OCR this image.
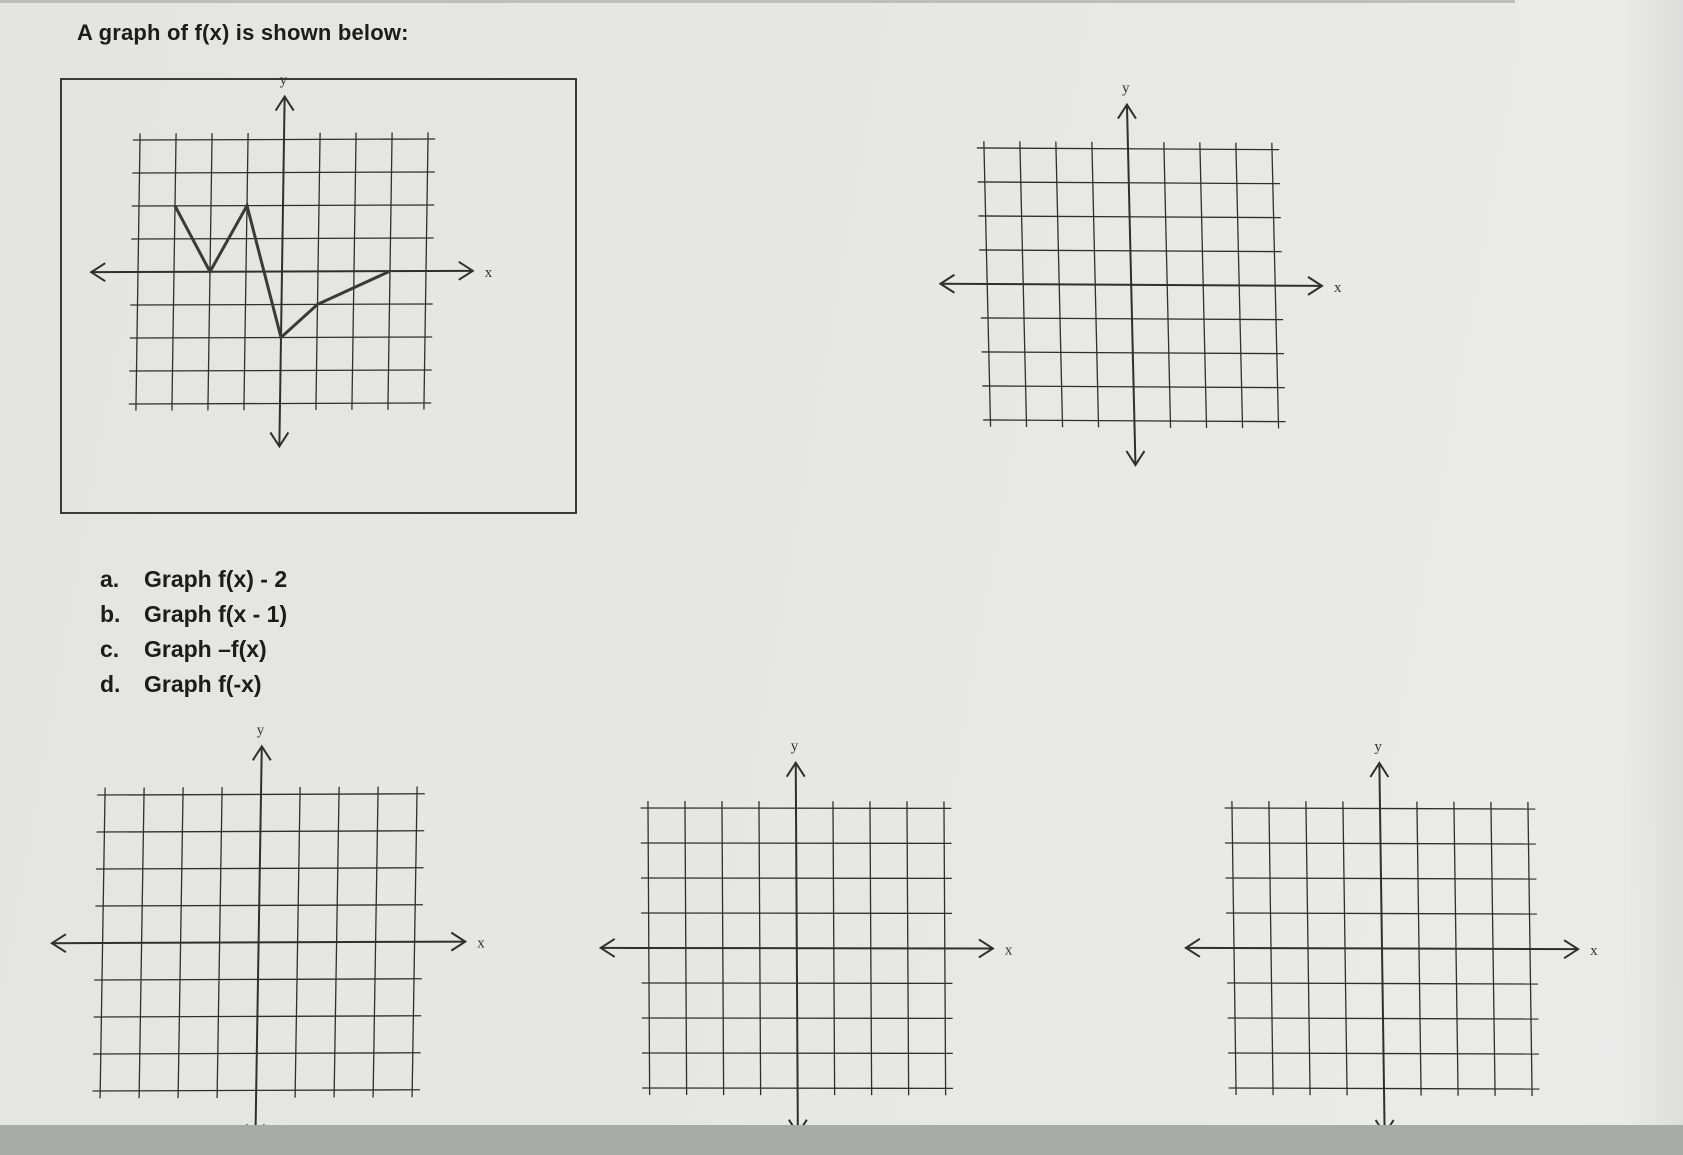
A graph of f(x) is shown below:
x
y
x
y
a.	Graph f(x) - 2
b.	Graph f(x - 1)
c.	Graph –f(x)
d.	Graph f(-x)
x
y
x
y
x
y
